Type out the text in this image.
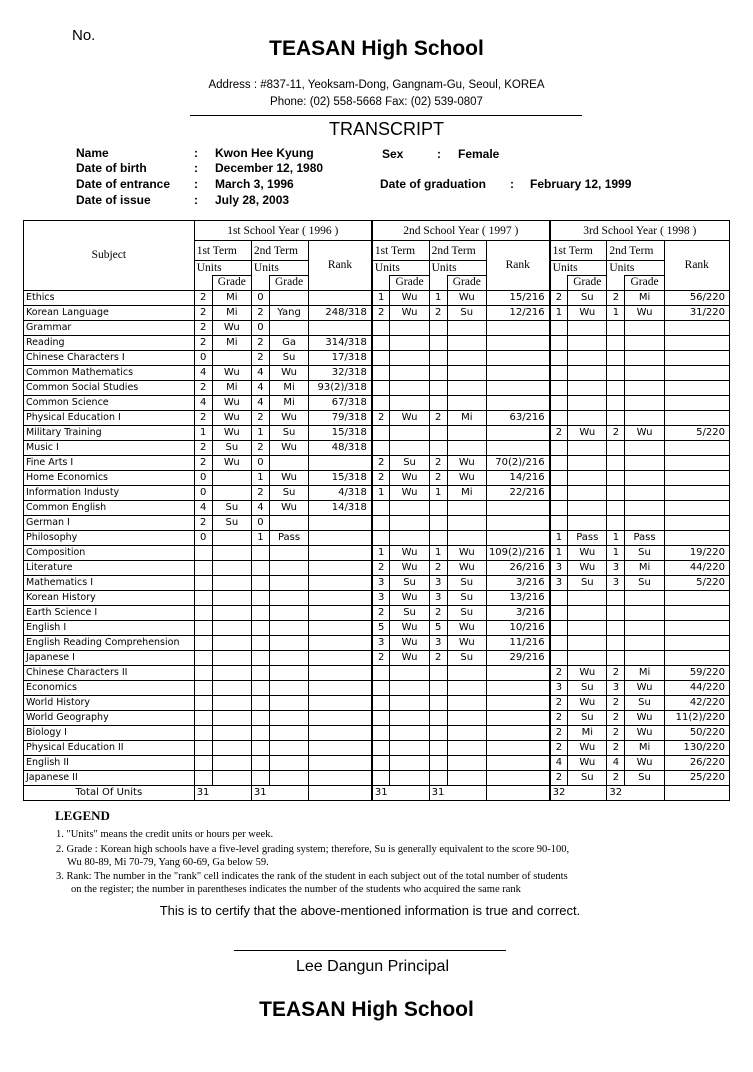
No.
TEASAN High School
Address : #837-11, Yeoksam-Dong, Gangnam-Gu, Seoul, KOREA
Phone: (02) 558-5668 Fax: (02) 539-0807
TRANSCRIPT
Name	: Kwon Hee Kyung	Sex	: Female
Date of birth	: December 12, 1980
Date of entrance : March 3, 1996	Date of graduation : February 12, 1999
Date of issue	: July 28, 2003
Subject	1st School Year ( 1996 )					2nd School Year ( 1997 )					3rd School Year ( 1998 )				
	1st Term		2nd Term		Rank	1st Term		2nd Term		Rank	1st Term		2nd Term		Rank
	Units		Units			Units		Units			Units		Units		
		Grade		Grade			Grade		Grade			Grade		Grade	
Ethics	2	Mi	0			1	Wu	1	Wu	15/216	2	Su	2	Mi	56/220
Korean Language	2	Mi	2	Yang	248/318	2	Wu	2	Su	12/216	1	Wu	1	Wu	31/220
Grammar	2	Wu	0												
Reading	2	Mi	2	Ga	314/318										
Chinese Characters I	0		2	Su	17/318										
Common Mathematics	4	Wu	4	Wu	32/318										
Common Social Studies	2	Mi	4	Mi	93(2)/318										
Common Science	4	Wu	4	Mi	67/318										
Physical Education I	2	Wu	2	Wu	79/318	2	Wu	2	Mi	63/216					
Military Training	1	Wu	1	Su	15/318						2	Wu	2	Wu	5/220
Music I	2	Su	2	Wu	48/318										
Fine Arts I	2	Wu	0			2	Su	2	Wu	70(2)/216					
Home Economics	0		1	Wu	15/318	2	Wu	2	Wu	14/216					
Information Industy	0		2	Su	4/318	1	Wu	1	Mi	22/216					
Common English	4	Su	4	Wu	14/318										
German I	2	Su	0												
Philosophy	0		1	Pass							1	Pass	1	Pass	
Composition						1	Wu	1	Wu	109(2)/216	1	Wu	1	Su	19/220
Literature						2	Wu	2	Wu	26/216	3	Wu	3	Mi	44/220
Mathematics I						3	Su	3	Su	3/216	3	Su	3	Su	5/220
Korean History						3	Wu	3	Su	13/216					
Earth Science I						2	Su	2	Su	3/216					
English I						5	Wu	5	Wu	10/216					
English Reading Comprehension						3	Wu	3	Wu	11/216					
Japanese I						2	Wu	2	Su	29/216					
Chinese Characters II											2	Wu	2	Mi	59/220
Economics											3	Su	3	Wu	44/220
World History											2	Wu	2	Su	42/220
World Geography											2	Su	2	Wu	11(2)/220
Biology I											2	Mi	2	Wu	50/220
Physical Education II											2	Wu	2	Mi	130/220
English II											4	Wu	4	Wu	26/220
Japanese II											2	Su	2	Su	25/220
Total Of Units	31		31			31		31			32		32		
LEGEND
1. "Units" means the credit units or hours per week.
2. Grade : Korean high schools have a five-level grading system; therefore, Su is generally equivalent to the score 90-100,
Wu 80-89, Mi 70-79, Yang 60-69, Ga below 59.
3. Rank: The number in the "rank" cell indicates the rank of the student in each subject out of the total number of students
on the register; the number in parentheses indicates the number of the students who acquired the same rank
This is to certify that the above-mentioned information is true and correct.
Lee Dangun Principal
TEASAN High School
